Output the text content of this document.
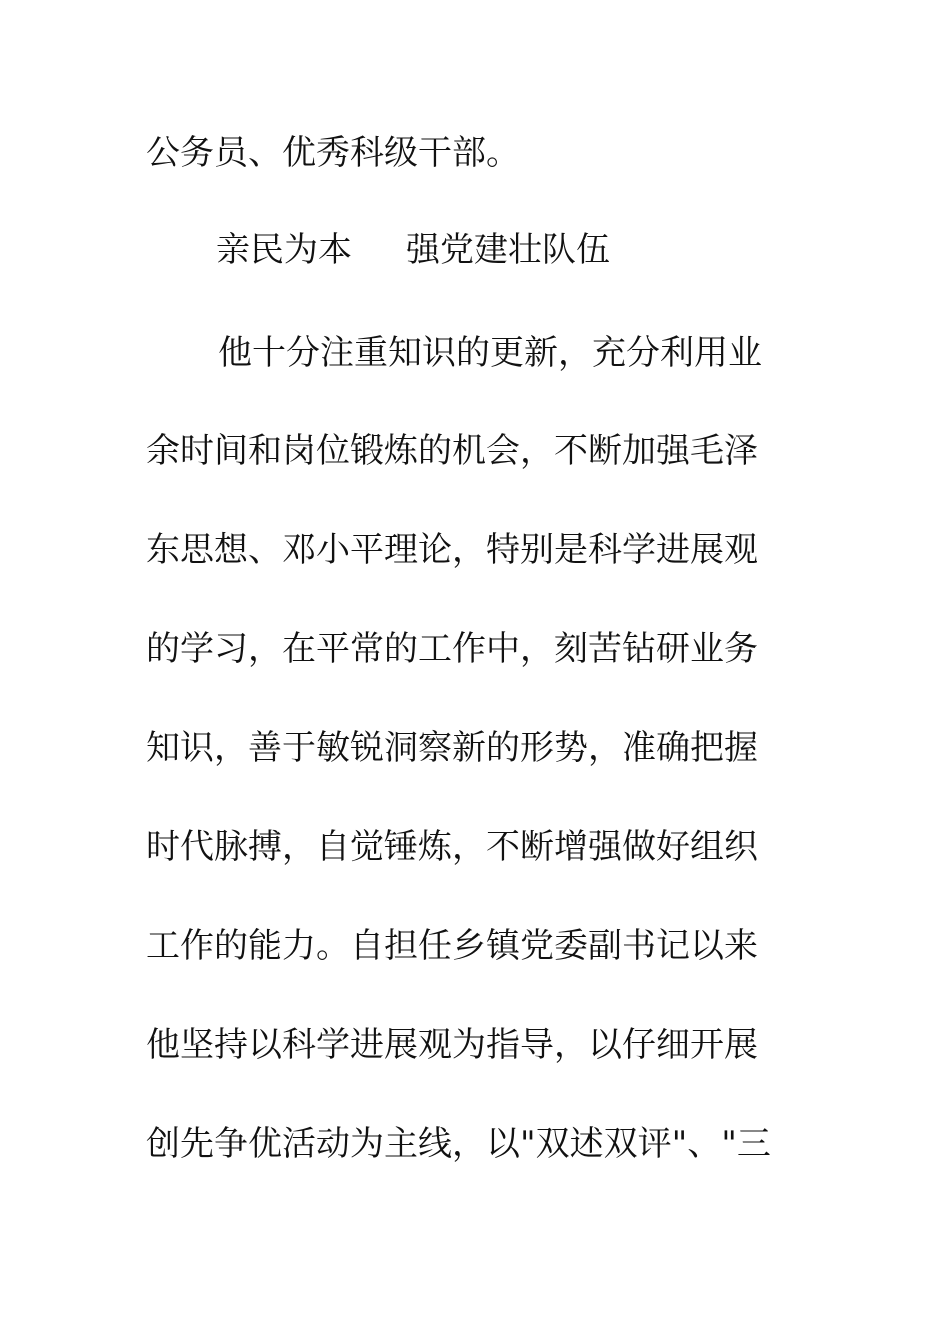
公务员、优秀科级干部。
亲民为本 强党建壮队伍
他十分注重知识的更新，充分利用业
余时间和岗位锻炼的机会，不断加强毛泽
东思想、邓小平理论，特别是科学进展观
的学习，在平常的工作中，刻苦钻研业务
知识，善于敏锐洞察新的形势，准确把握
时代脉搏，自觉锤炼，不断增强做好组织
工作的能力。自担任乡镇党委副书记以来
他坚持以科学进展观为指导，以仔细开展
创先争优活动为主线，以"双述双评"、"三
